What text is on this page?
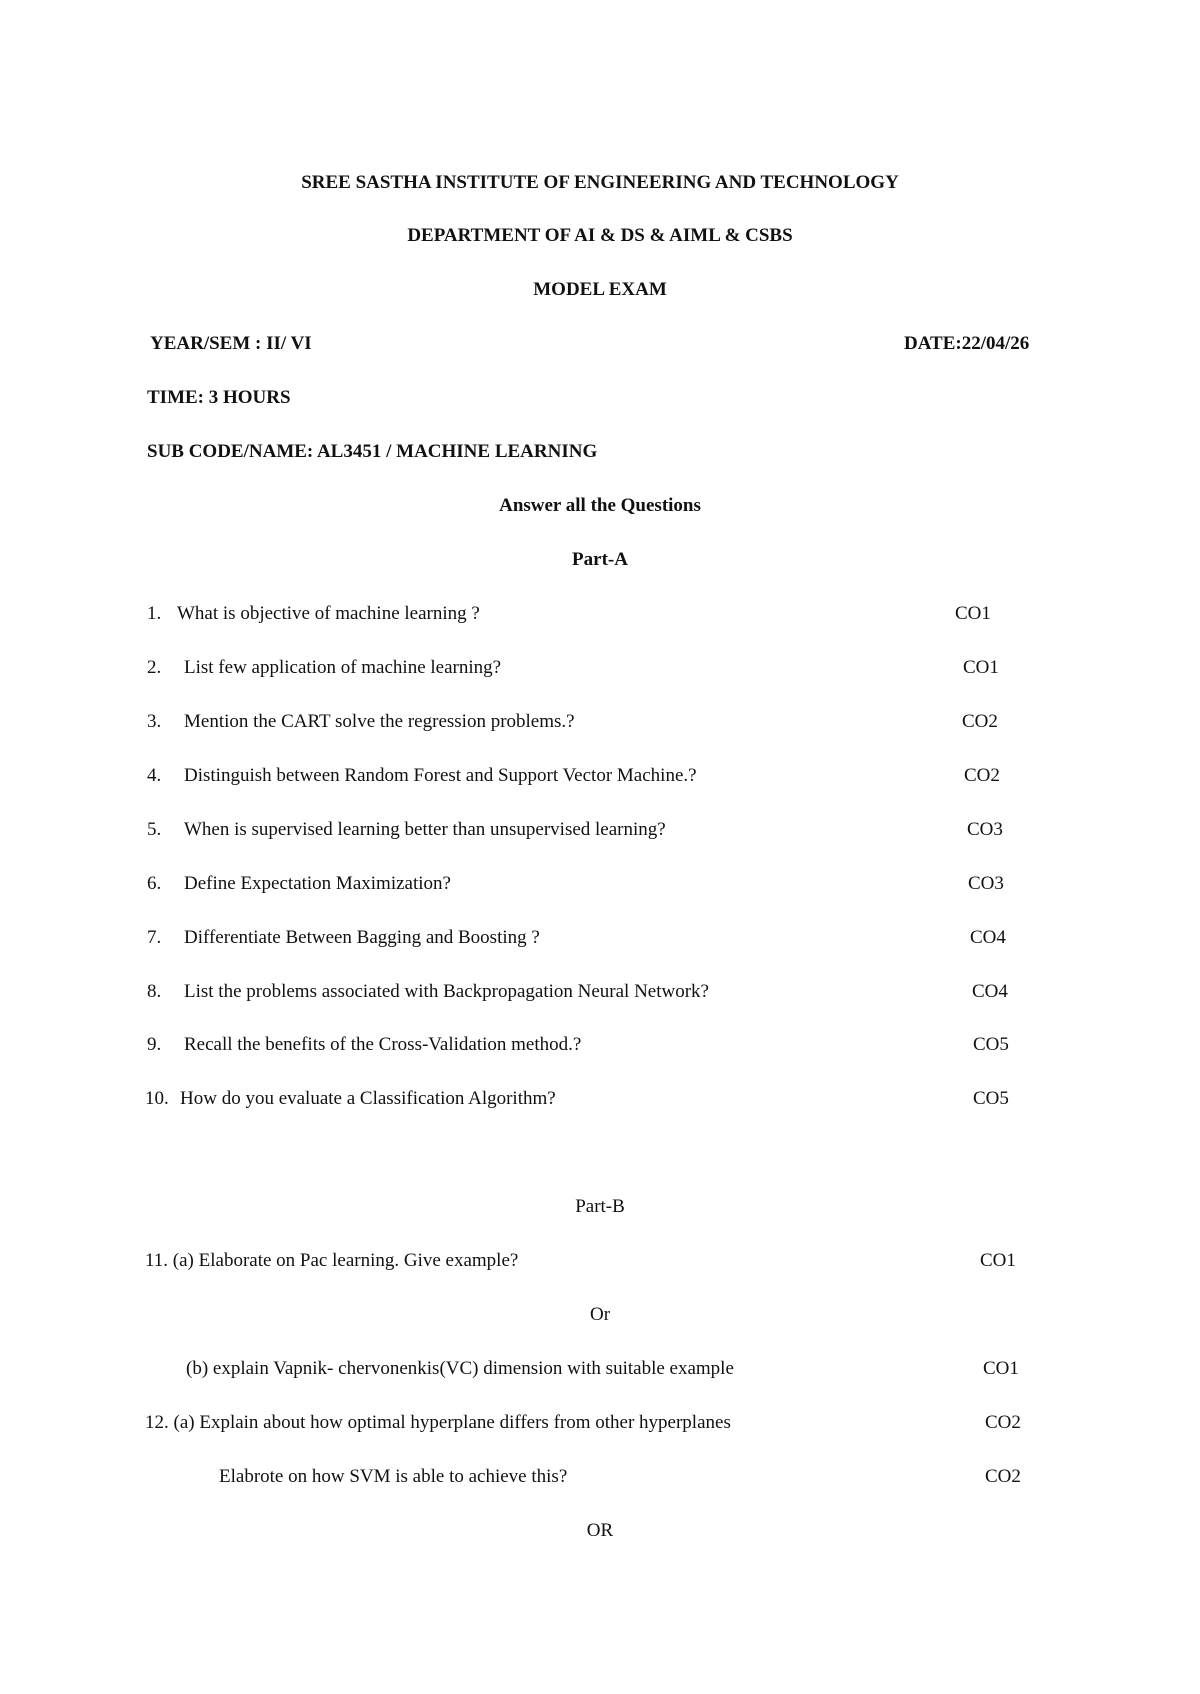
SREE SASTHA INSTITUTE OF ENGINEERING AND TECHNOLOGY
DEPARTMENT OF AI & DS & AIML & CSBS
MODEL EXAM
YEAR/SEM : II/ VI	DATE:22/04/26
TIME: 3 HOURS
SUB CODE/NAME: AL3451 / MACHINE LEARNING
Answer all the Questions
Part-A
1. What is objective of machine learning ?	CO1
2. List few application of machine learning?	CO1
3. Mention the CART solve the regression problems.?	CO2
4. Distinguish between Random Forest and Support Vector Machine.?	CO2
5. When is supervised learning better than unsupervised learning?	CO3
6. Define Expectation Maximization?	CO3
7. Differentiate Between Bagging and Boosting ?	CO4
8. List the problems associated with Backpropagation Neural Network?	CO4
9. Recall the benefits of the Cross-Validation method.?	CO5
10. How do you evaluate a Classification Algorithm?	CO5
Part-B
11. (a) Elaborate on Pac learning. Give example?	CO1
Or
(b) explain Vapnik- chervonenkis(VC) dimension with suitable example	CO1
12. (a) Explain about how optimal hyperplane differs from other hyperplanes	CO2
Elabrote on how SVM is able to achieve this?	CO2
OR
